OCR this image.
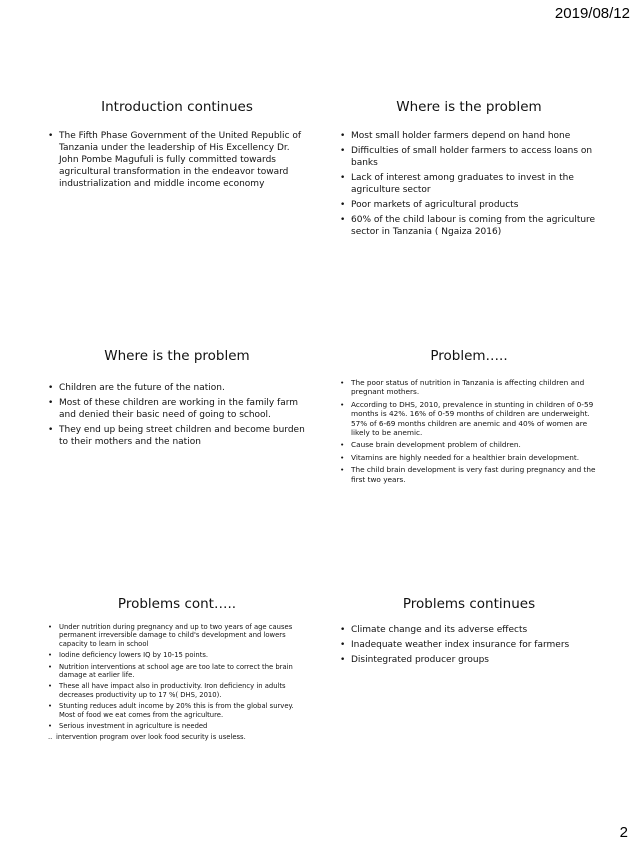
2019/08/12
Introduction continues
• The Fifth Phase Government of the United Republic of Tanzania under the leadership of His Excellency Dr. John Pombe Magufuli is fully committed towards agricultural transformation in the endeavor toward industrialization and middle income economy
Where is the problem
• Most small holder farmers depend on hand hone
• Difficulties of small holder farmers to access loans on banks
• Lack of interest among graduates to invest in the agriculture sector
• Poor markets of agricultural products
• 60% of the child labour is coming from the agriculture sector in Tanzania ( Ngaiza 2016)
Where is the problem
• Children are the future of the nation.
• Most of these children are working in the family farm and denied their basic need of going to school.
• They end up being street children and become burden to their mothers and the nation
Problem…..
• The poor status of nutrition in Tanzania is affecting children and pregnant mothers.
• According to DHS, 2010, prevalence in stunting in children of 0-59 months is 42%. 16% of 0-59 months of children are underweight. 57% of 6-69 months children are anemic and 40% of women are likely to be anemic.
• Cause brain development problem of children.
• Vitamins are highly needed for a healthier brain development.
• The child brain development is very fast during pregnancy and the first two years.
Problems cont…..
• Under nutrition during pregnancy and up to two years of age causes permanent irreversible damage to child's development and lowers capacity to learn in school
• Iodine deficiency lowers IQ by 10-15 points.
• Nutrition interventions at school age are too late to correct the brain damage at earlier life.
• These all have impact also in productivity. Iron deficiency in adults decreases productivity up to 17 %( DHS, 2010).
• Stunting reduces adult income by 20% this is from the global survey. Most of food we eat comes from the agriculture.
• Serious investment in agriculture is needed
.. intervention program over look food security is useless.
Problems continues
• Climate change and its adverse effects
• Inadequate weather index insurance for farmers
• Disintegrated producer groups
2
